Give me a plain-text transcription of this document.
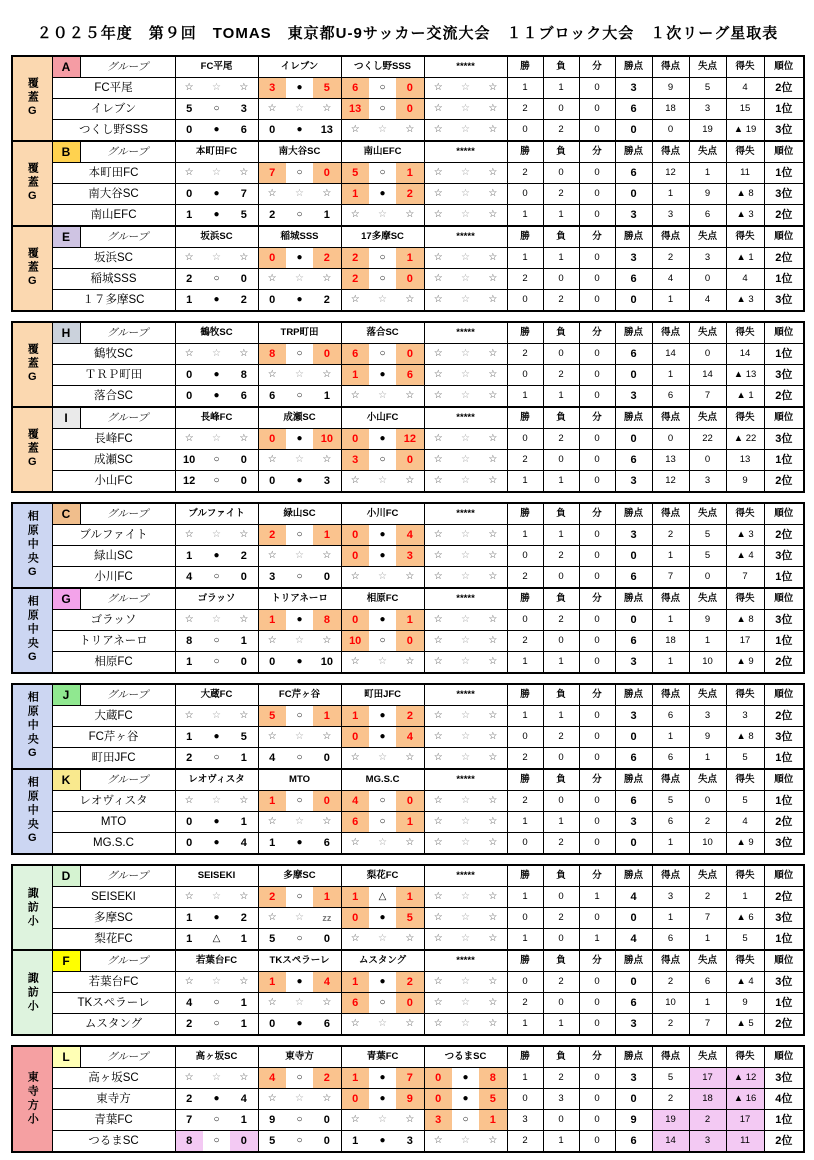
２０２５年度　第９回　TOMAS　東京都U-9サッカー交流大会　１１ブロック大会　１次リーグ星取表
覆蓋G	A	グループ	FC平尾	イレブン	つくし野SSS	*****	勝	負	分	勝点	得点	失点	得失	順位
	FC平尾		☆ ☆ ☆	3 ● 5	6 ○ 0	☆ ☆ ☆	1	1	0	3	9	5	4	2位
	イレブン		5 ○ 3	☆ ☆ ☆	13 ○ 0	☆ ☆ ☆	2	0	0	6	18	3	15	1位
	つくし野SSS		0 ● 6	0 ● 13	☆ ☆ ☆	☆ ☆ ☆	0	2	0	0	0	19	▲ 19	3位
覆蓋G	B	グループ	本町田FC	南大谷SC	南山EFC	*****	勝	負	分	勝点	得点	失点	得失	順位
	本町田FC		☆ ☆ ☆	7 ○ 0	5 ○ 1	☆ ☆ ☆	2	0	0	6	12	1	11	1位
	南大谷SC		0 ● 7	☆ ☆ ☆	1 ● 2	☆ ☆ ☆	0	2	0	0	1	9	▲ 8	3位
	南山EFC		1 ● 5	2 ○ 1	☆ ☆ ☆	☆ ☆ ☆	1	1	0	3	3	6	▲ 3	2位
覆蓋G	E	グループ	坂浜SC	稲城SSS	17多摩SC	*****	勝	負	分	勝点	得点	失点	得失	順位
	坂浜SC		☆ ☆ ☆	0 ● 2	2 ○ 1	☆ ☆ ☆	1	1	0	3	2	3	▲ 1	2位
	稲城SSS		2 ○ 0	☆ ☆ ☆	2 ○ 0	☆ ☆ ☆	2	0	0	6	4	0	4	1位
	１７多摩SC		1 ● 2	0 ● 2	☆ ☆ ☆	☆ ☆ ☆	0	2	0	0	1	4	▲ 3	3位
覆蓋G	H	グループ	鶴牧SC	TRP町田	落合SC	*****	勝	負	分	勝点	得点	失点	得失	順位
	鶴牧SC		☆ ☆ ☆	8 ○ 0	6 ○ 0	☆ ☆ ☆	2	0	0	6	14	0	14	1位
	ＴＲＰ町田		0 ● 8	☆ ☆ ☆	1 ● 6	☆ ☆ ☆	0	2	0	0	1	14	▲ 13	3位
	落合SC		0 ● 6	6 ○ 1	☆ ☆ ☆	☆ ☆ ☆	1	1	0	3	6	7	▲ 1	2位
覆蓋G	I	グループ	長峰FC	成瀬SC	小山FC	*****	勝	負	分	勝点	得点	失点	得失	順位
	長峰FC		☆ ☆ ☆	0 ● 10	0 ● 12	☆ ☆ ☆	0	2	0	0	0	22	▲ 22	3位
	成瀬SC		10 ○ 0	☆ ☆ ☆	3 ○ 0	☆ ☆ ☆	2	0	0	6	13	0	13	1位
	小山FC		12 ○ 0	0 ● 3	☆ ☆ ☆	☆ ☆ ☆	1	1	0	3	12	3	9	2位
相原中央G	C	グループ	ブルファイト	緑山SC	小川FC	*****	勝	負	分	勝点	得点	失点	得失	順位
	ブルファイト		☆ ☆ ☆	2 ○ 1	0 ● 4	☆ ☆ ☆	1	1	0	3	2	5	▲ 3	2位
	緑山SC		1 ● 2	☆ ☆ ☆	0 ● 3	☆ ☆ ☆	0	2	0	0	1	5	▲ 4	3位
	小川FC		4 ○ 0	3 ○ 0	☆ ☆ ☆	☆ ☆ ☆	2	0	0	6	7	0	7	1位
相原中央G	G	グループ	ゴラッソ	トリアネーロ	相原FC	*****	勝	負	分	勝点	得点	失点	得失	順位
	ゴラッソ		☆ ☆ ☆	1 ● 8	0 ● 1	☆ ☆ ☆	0	2	0	0	1	9	▲ 8	3位
	トリアネーロ		8 ○ 1	☆ ☆ ☆	10 ○ 0	☆ ☆ ☆	2	0	0	6	18	1	17	1位
	相原FC		1 ○ 0	0 ● 10	☆ ☆ ☆	☆ ☆ ☆	1	1	0	3	1	10	▲ 9	2位
相原中央G	J	グループ	大蔵FC	FC芹ヶ谷	町田JFC	*****	勝	負	分	勝点	得点	失点	得失	順位
	大蔵FC		☆ ☆ ☆	5 ○ 1	1 ● 2	☆ ☆ ☆	1	1	0	3	6	3	3	2位
	FC芹ヶ谷		1 ● 5	☆ ☆ ☆	0 ● 4	☆ ☆ ☆	0	2	0	0	1	9	▲ 8	3位
	町田JFC		2 ○ 1	4 ○ 0	☆ ☆ ☆	☆ ☆ ☆	2	0	0	6	6	1	5	1位
相原中央G	K	グループ	レオヴィスタ	MTO	MG.S.C	*****	勝	負	分	勝点	得点	失点	得失	順位
	レオヴィスタ		☆ ☆ ☆	1 ○ 0	4 ○ 0	☆ ☆ ☆	2	0	0	6	5	0	5	1位
	MTO		0 ● 1	☆ ☆ ☆	6 ○ 1	☆ ☆ ☆	1	1	0	3	6	2	4	2位
	MG.S.C		0 ● 4	1 ● 6	☆ ☆ ☆	☆ ☆ ☆	0	2	0	0	1	10	▲ 9	3位
諏訪小	D	グループ	SEISEKI	多摩SC	梨花FC	*****	勝	負	分	勝点	得点	失点	得失	順位
	SEISEKI		☆ ☆ ☆	2 ○ 1	1 △ 1	☆ ☆ ☆	1	0	1	4	3	2	1	2位
	多摩SC		1 ● 2	☆ ☆ zz	0 ● 5	☆ ☆ ☆	0	2	0	0	1	7	▲ 6	3位
	梨花FC		1 △ 1	5 ○ 0	☆ ☆ ☆	☆ ☆ ☆	1	0	1	4	6	1	5	1位
諏訪小	F	グループ	若葉台FC	TKスペラーレ	ムスタング	*****	勝	負	分	勝点	得点	失点	得失	順位
	若葉台FC		☆ ☆ ☆	1 ● 4	1 ● 2	☆ ☆ ☆	0	2	0	0	2	6	▲ 4	3位
	TKスペラーレ		4 ○ 1	☆ ☆ ☆	6 ○ 0	☆ ☆ ☆	2	0	0	6	10	1	9	1位
	ムスタング		2 ○ 1	0 ● 6	☆ ☆ ☆	☆ ☆ ☆	1	1	0	3	2	7	▲ 5	2位
東寺方小	L	グループ	高ヶ坂SC	東寺方	青葉FC	つるまSC	勝	負	分	勝点	得点	失点	得失	順位
	高ヶ坂SC		☆ ☆ ☆	4 ○ 2	1 ● 7	0 ● 8	1	2	0	3	5	17	▲ 12	3位
	東寺方		2 ● 4	☆ ☆ ☆	0 ● 9	0 ● 5	0	3	0	0	2	18	▲ 16	4位
	青葉FC		7 ○ 1	9 ○ 0	☆ ☆ ☆	3 ○ 1	3	0	0	9	19	2	17	1位
	つるまSC		8 ○ 0	5 ○ 0	1 ● 3	☆ ☆ ☆	2	1	0	6	14	3	11	2位
